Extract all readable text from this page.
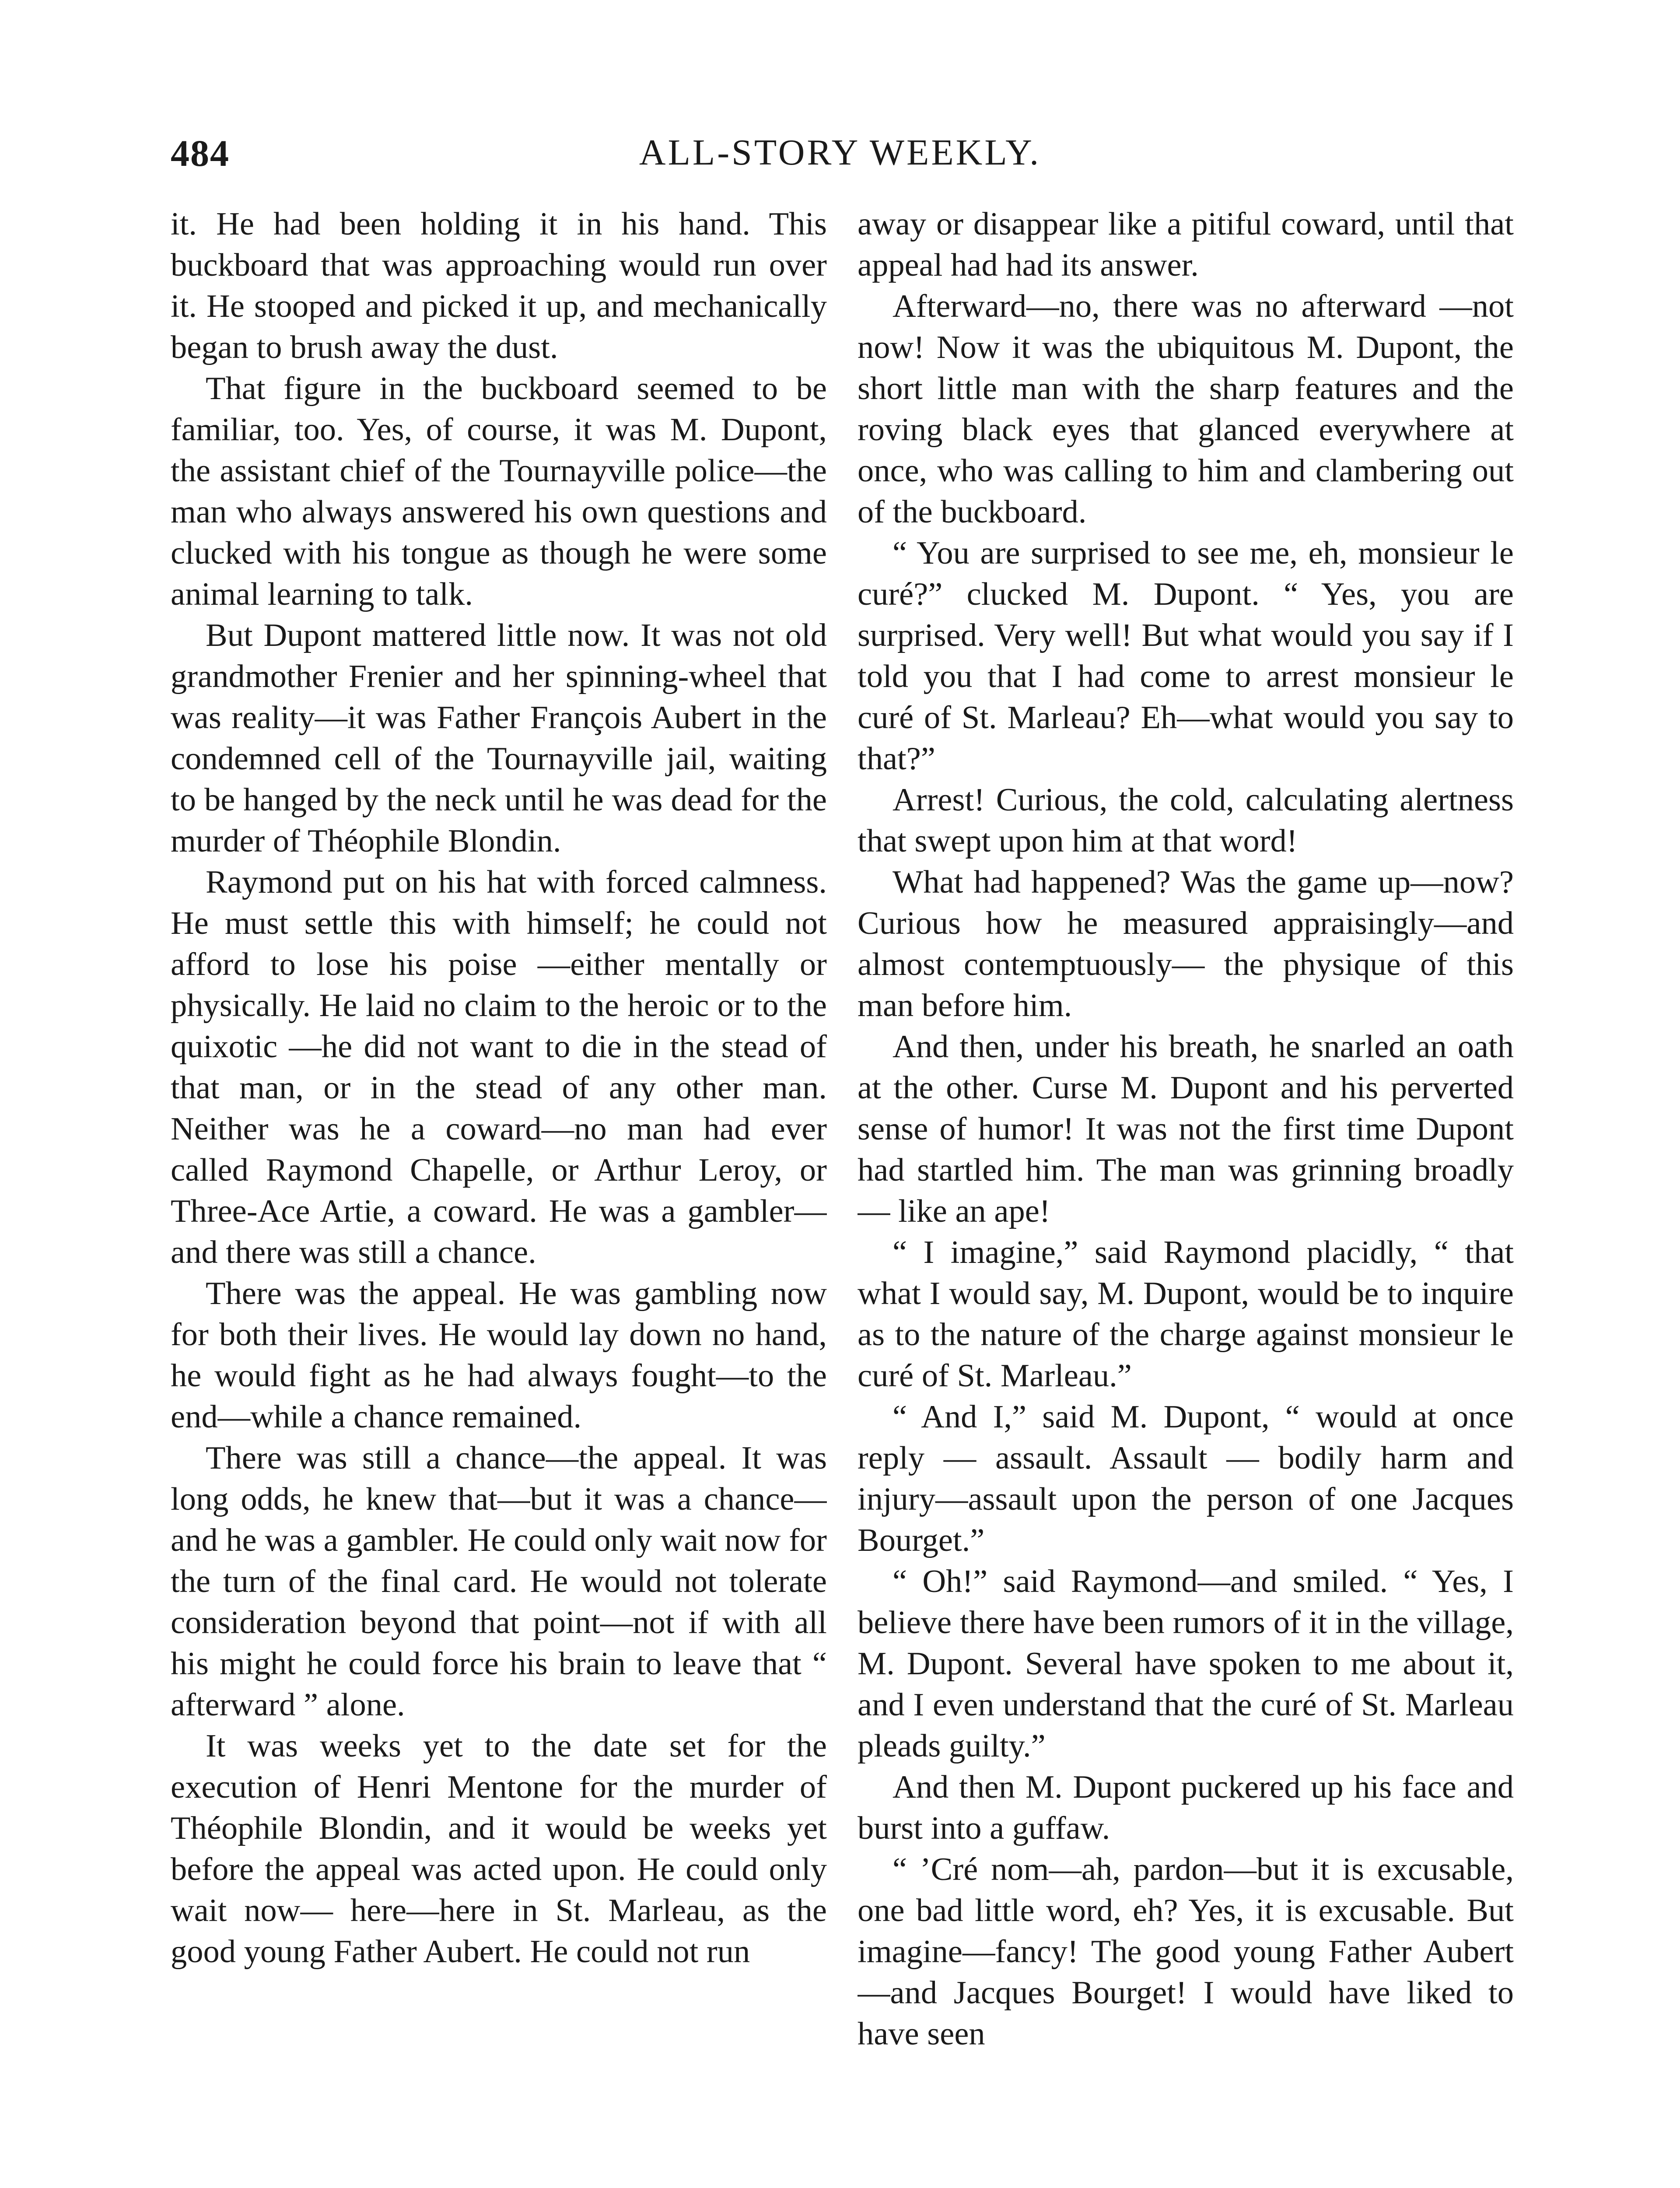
484	ALL-STORY WEEKLY.

it. He had been holding it in his hand. This buckboard that was approaching would run over it. He stooped and picked it up, and mechanically began to brush away the dust.

That figure in the buckboard seemed to be familiar, too. Yes, of course, it was M. Dupont, the assistant chief of the Tournayville police—the man who always answered his own questions and clucked with his tongue as though he were some animal learning to talk.

But Dupont mattered little now. It was not old grandmother Frenier and her spinning-wheel that was reality—it was Father François Aubert in the condemned cell of the Tournayville jail, waiting to be hanged by the neck until he was dead for the murder of Théophile Blondin.

Raymond put on his hat with forced calmness. He must settle this with himself; he could not afford to lose his poise —either mentally or physically. He laid no claim to the heroic or to the quixotic —he did not want to die in the stead of that man, or in the stead of any other man. Neither was he a coward—no man had ever called Raymond Chapelle, or Arthur Leroy, or Three-Ace Artie, a coward. He was a gambler—and there was still a chance.

There was the appeal. He was gambling now for both their lives. He would lay down no hand, he would fight as he had always fought—to the end—while a chance remained.

There was still a chance—the appeal. It was long odds, he knew that—but it was a chance—and he was a gambler. He could only wait now for the turn of the final card. He would not tolerate consideration beyond that point—not if with all his might he could force his brain to leave that “ afterward ” alone.

It was weeks yet to the date set for the execution of Henri Mentone for the murder of Théophile Blondin, and it would be weeks yet before the appeal was acted upon. He could only wait now— here—here in St. Marleau, as the good young Father Aubert. He could not run

away or disappear like a pitiful coward, until that appeal had had its answer.

Afterward—no, there was no afterward —not now! Now it was the ubiquitous M. Dupont, the short little man with the sharp features and the roving black eyes that glanced everywhere at once, who was calling to him and clambering out of the buckboard.

“ You are surprised to see me, eh, monsieur le curé?” clucked M. Dupont. “ Yes, you are surprised. Very well! But what would you say if I told you that I had come to arrest monsieur le curé of St. Marleau? Eh—what would you say to that?”

Arrest! Curious, the cold, calculating alertness that swept upon him at that word!

What had happened? Was the game up—now? Curious how he measured appraisingly—and almost contemptuously— the physique of this man before him.

And then, under his breath, he snarled an oath at the other. Curse M. Dupont and his perverted sense of humor! It was not the first time Dupont had startled him. The man was grinning broadly— like an ape!

“ I imagine,” said Raymond placidly, “ that what I would say, M. Dupont, would be to inquire as to the nature of the charge against monsieur le curé of St. Marleau.”

“ And I,” said M. Dupont, “ would at once reply — assault. Assault — bodily harm and injury—assault upon the person of one Jacques Bourget.”

“ Oh!” said Raymond—and smiled. “ Yes, I believe there have been rumors of it in the village, M. Dupont. Several have spoken to me about it, and I even understand that the curé of St. Marleau pleads guilty.”

And then M. Dupont puckered up his face and burst into a guffaw.

“ ’Cré nom—ah, pardon—but it is excusable, one bad little word, eh? Yes, it is excusable. But imagine—fancy! The good young Father Aubert—and Jacques Bourget! I would have liked to have seen
